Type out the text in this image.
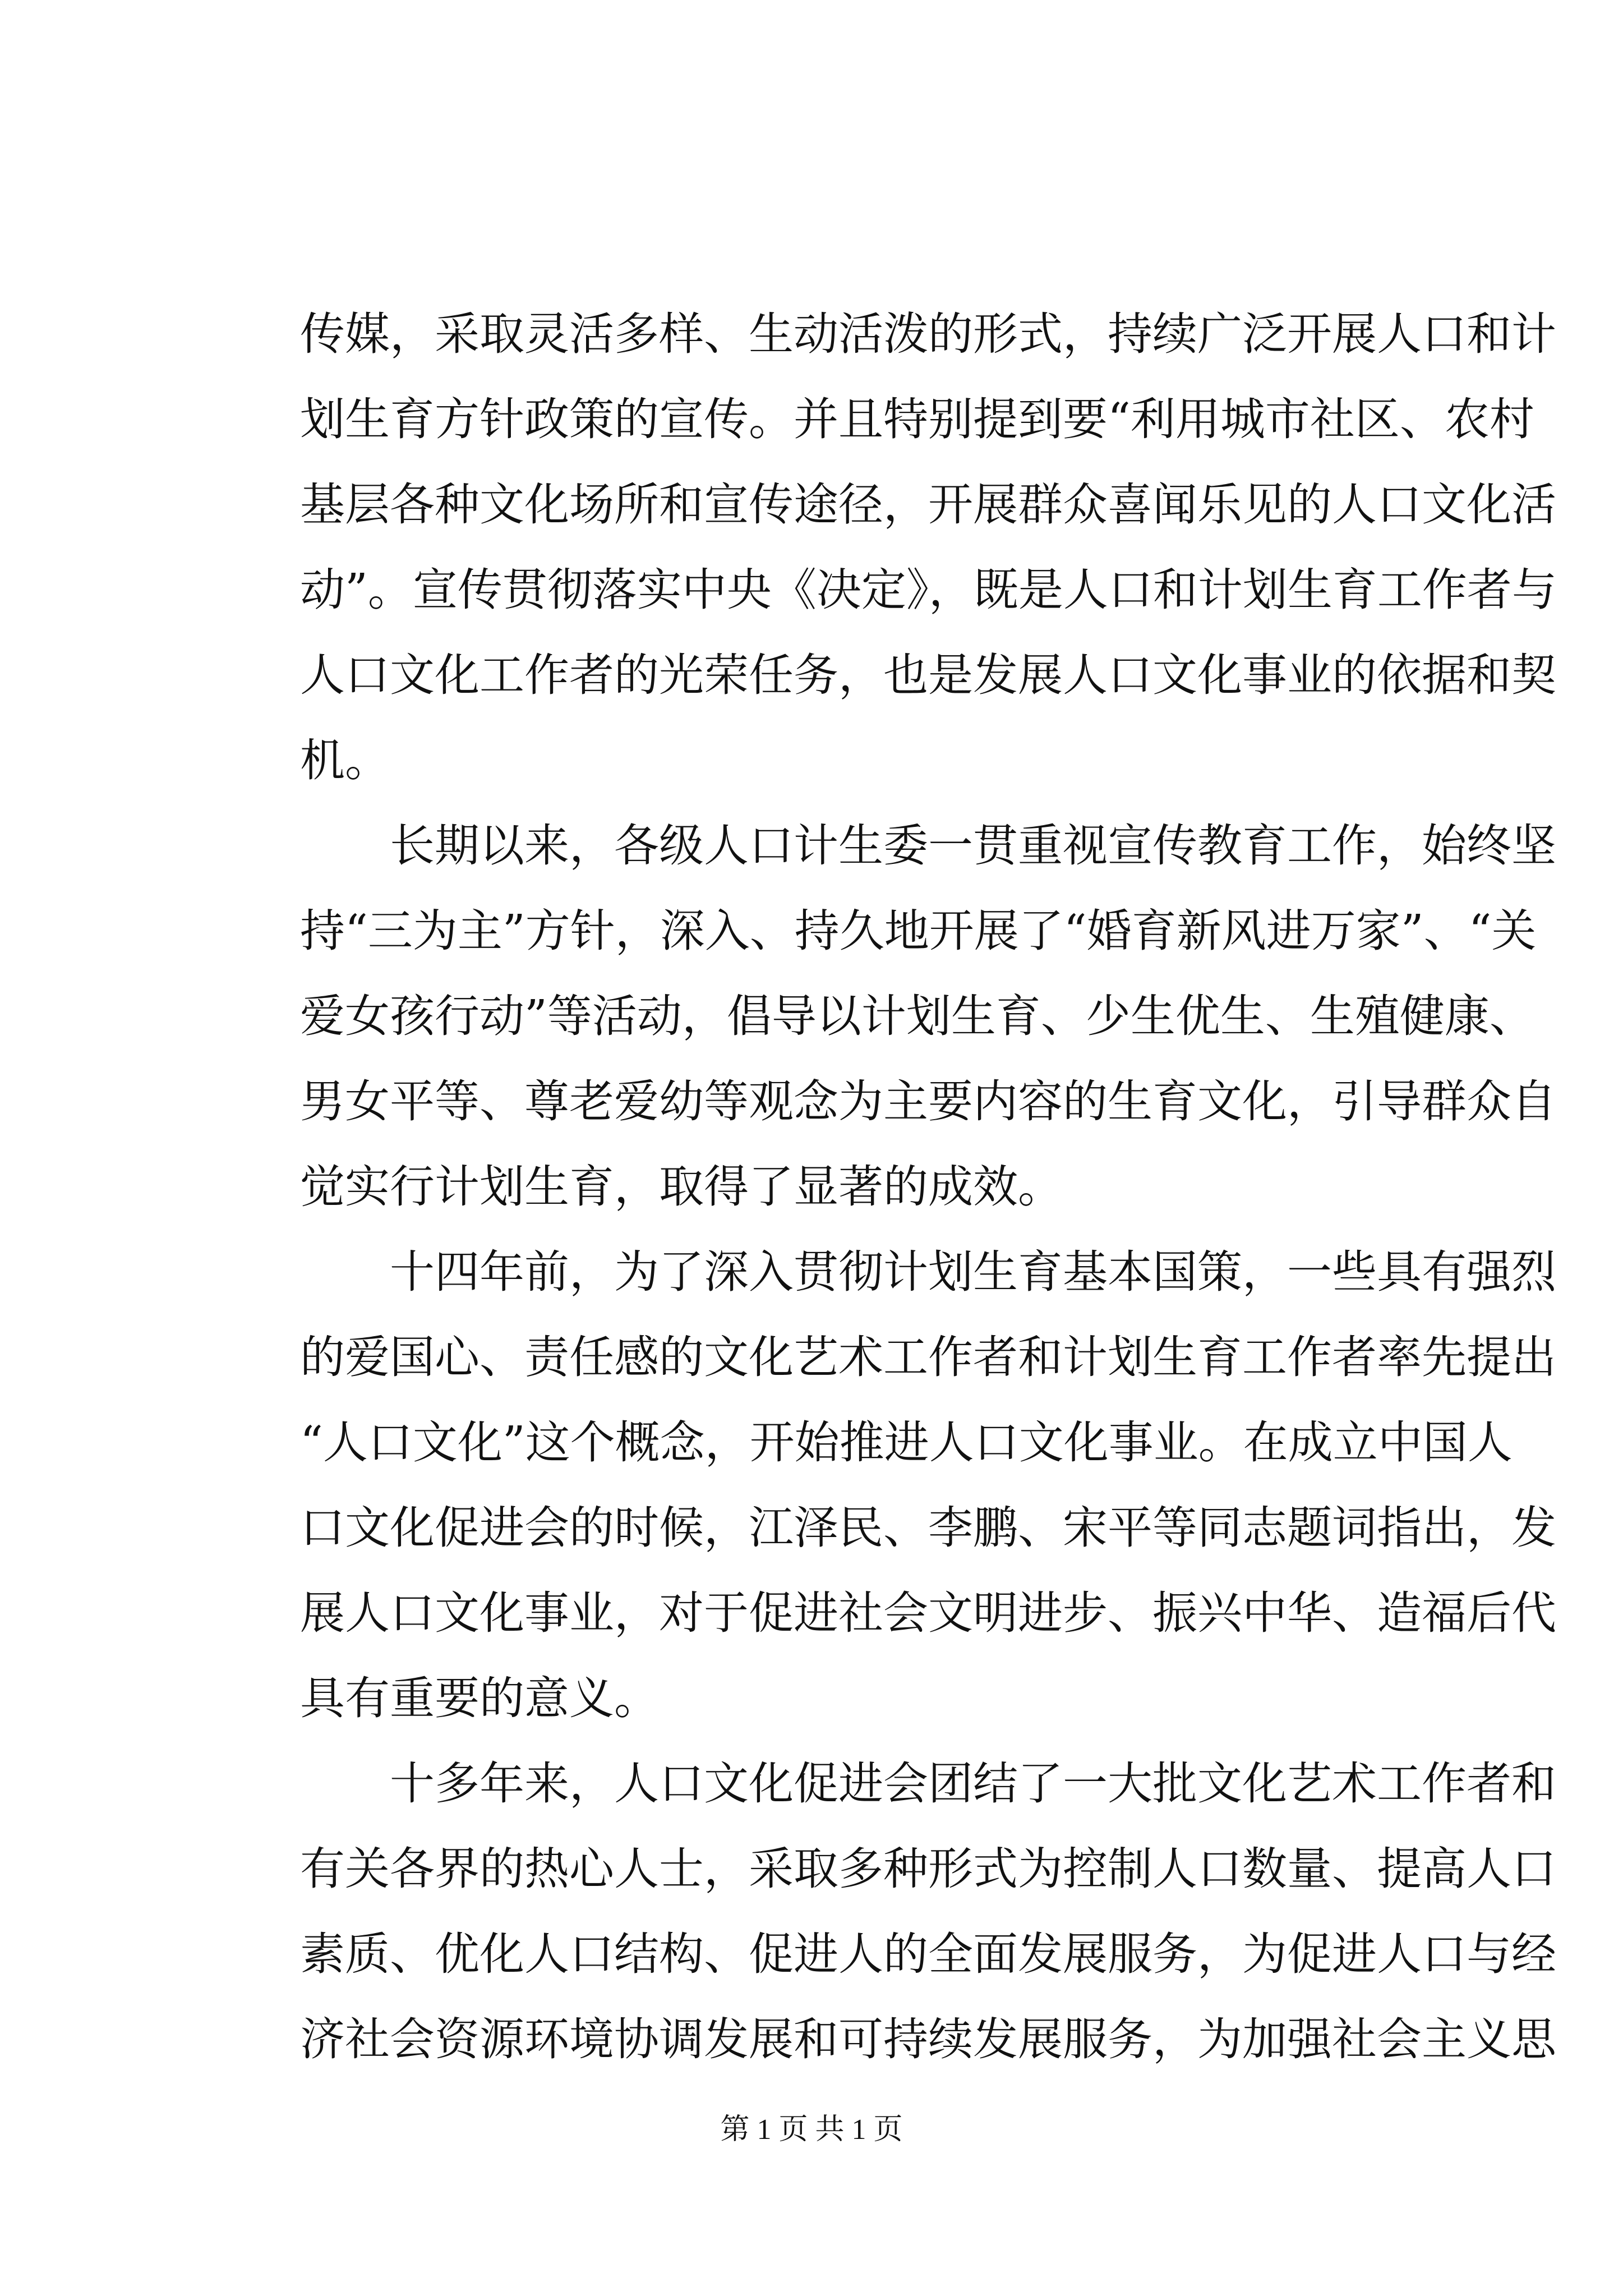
传媒，采取灵活多样、生动活泼的形式，持续广泛开展人口和计
划生育方针政策的宣传。并且特别提到要“利用城市社区、农村
基层各种文化场所和宣传途径，开展群众喜闻乐见的人口文化活
动”。宣传贯彻落实中央《决定》，既是人口和计划生育工作者与
人口文化工作者的光荣任务，也是发展人口文化事业的依据和契
机。
　　长期以来，各级人口计生委一贯重视宣传教育工作，始终坚
持“三为主”方针，深入、持久地开展了“婚育新风进万家”、“关
爱女孩行动”等活动，倡导以计划生育、少生优生、生殖健康、
男女平等、尊老爱幼等观念为主要内容的生育文化，引导群众自
觉实行计划生育，取得了显著的成效。
　　十四年前，为了深入贯彻计划生育基本国策，一些具有强烈
的爱国心、责任感的文化艺术工作者和计划生育工作者率先提出
“人口文化”这个概念，开始推进人口文化事业。在成立中国人
口文化促进会的时候，江泽民、李鹏、宋平等同志题词指出，发
展人口文化事业，对于促进社会文明进步、振兴中华、造福后代
具有重要的意义。
　　十多年来，人口文化促进会团结了一大批文化艺术工作者和
有关各界的热心人士，采取多种形式为控制人口数量、提高人口
素质、优化人口结构、促进人的全面发展服务，为促进人口与经
济社会资源环境协调发展和可持续发展服务，为加强社会主义思
第 1 页 共 1 页
